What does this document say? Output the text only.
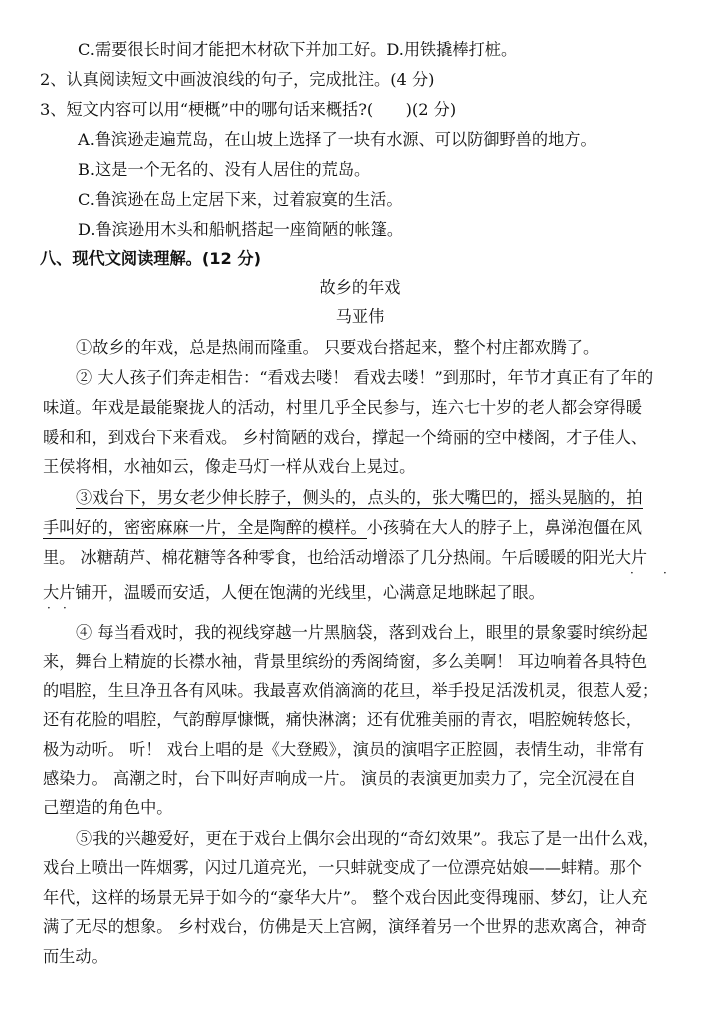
C.需要很长时间才能把木材砍下并加工好。D.用铁撬棒打桩。
2、认真阅读短文中画波浪线的句子，完成批注。(4 分)
3、短文内容可以用“梗概”中的哪句话来概括?(　　)(2 分)
A.鲁滨逊走遍荒岛，在山坡上选择了一块有水源、可以防御野兽的地方。
B.这是一个无名的、没有人居住的荒岛。
C.鲁滨逊在岛上定居下来，过着寂寞的生活。
D.鲁滨逊用木头和船帆搭起一座简陋的帐篷。
八、现代文阅读理解。(12 分)
故乡的年戏
马亚伟
①故乡的年戏，总是热闹而隆重。 只要戏台搭起来，整个村庄都欢腾了。
② 大人孩子们奔走相告：“看戏去喽！ 看戏去喽！”到那时，年节才真正有了年的
味道。年戏是最能聚拢人的活动，村里几乎全民参与，连六七十岁的老人都会穿得暖
暖和和，到戏台下来看戏。 乡村简陋的戏台，撑起一个绮丽的空中楼阁，才子佳人、
王侯将相，水袖如云，像走马灯一样从戏台上晃过。
③戏台下，男女老少伸长脖子，侧头的，点头的，张大嘴巴的，摇头晃脑的，拍
手叫好的，密密麻麻一片，全是陶醉的模样。小孩骑在大人的脖子上，鼻涕泡僵在风
里。 冰糖葫芦、棉花糖等各种零食，也给活动增添了几分热闹。午后暖暖的阳光大片
· ·
大片铺开，温暖而安适，人便在饱满的光线里，心满意足地眯起了眼。
· ·
④ 每当看戏时，我的视线穿越一片黑脑袋，落到戏台上，眼里的景象霎时缤纷起
来，舞台上精旋的长襟水袖，背景里缤纷的秀阁绮窗，多么美啊！ 耳边响着各具特色
的唱腔，生旦净丑各有风味。我最喜欢俏滴滴的花旦，举手投足活泼机灵，很惹人爱；
还有花脸的唱腔，气韵醇厚慷慨，痛快淋漓；还有优雅美丽的青衣，唱腔婉转悠长，
极为动听。 听！ 戏台上唱的是《大登殿》，演员的演唱字正腔圆，表情生动，非常有
感染力。 高潮之时，台下叫好声响成一片。 演员的表演更加卖力了，完全沉浸在自
己塑造的角色中。
⑤我的兴趣爱好，更在于戏台上偶尔会出现的“奇幻效果”。我忘了是一出什么戏，
戏台上喷出一阵烟雾，闪过几道亮光，一只蚌就变成了一位漂亮姑娘——蚌精。那个
年代，这样的场景无异于如今的“豪华大片”。 整个戏台因此变得瑰丽、梦幻，让人充
满了无尽的想象。 乡村戏台，仿佛是天上宫阙，演绎着另一个世界的悲欢离合，神奇
而生动。
